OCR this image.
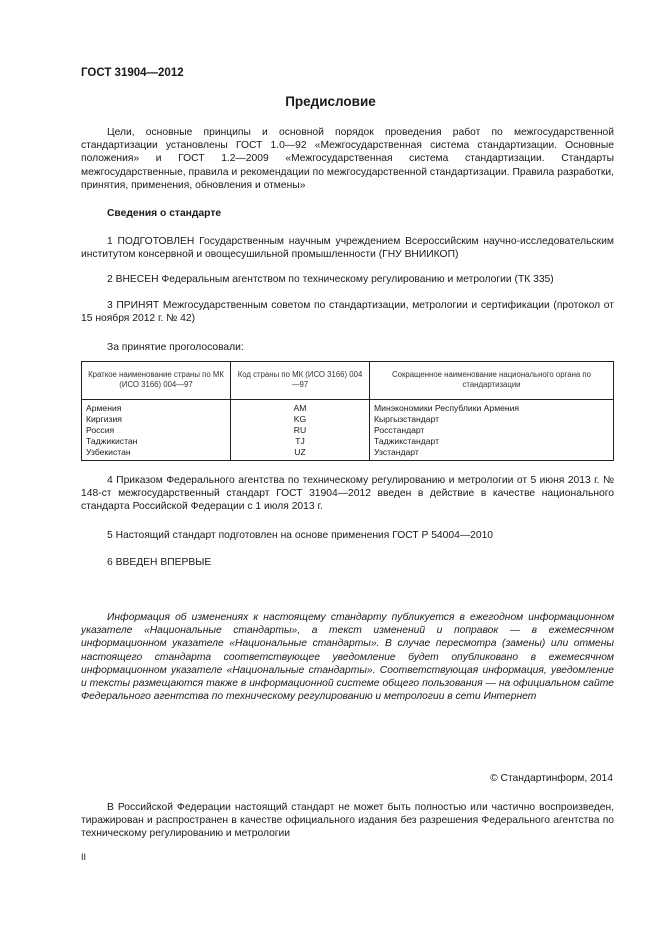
ГОСТ 31904—2012
Предисловие

Цели, основные принципы и основной порядок проведения работ по межгосударственной стандартизации установлены ГОСТ 1.0—92 «Межгосударственная система стандартизации. Основные положения» и ГОСТ 1.2—2009 «Межгосударственная система стандартизации. Стандарты межгосударственные, правила и рекомендации по межгосударственной стандартизации. Правила разработки, принятия, применения, обновления и отмены»

Сведения о стандарте

1 ПОДГОТОВЛЕН Государственным научным учреждением Всероссийским научно-исследовательским институтом консервной и овощесушильной промышленности (ГНУ ВНИИКОП)

2 ВНЕСЕН Федеральным агентством по техническому регулированию и метрологии (ТК 335)

3 ПРИНЯТ Межгосударственным советом по стандартизации, метрологии и сертификации (протокол от 15 ноября 2012 г. № 42)

За принятие проголосовали:

Краткое наименование страны по МК (ИСО 3166) 004—97	Код страны по МК (ИСО 3166) 004—97	Сокращенное наименование национального органа по стандартизации
Армения	AM	Минэкономики Республики Армения
Киргизия	KG	Кыргызстандарт
Россия	RU	Росстандарт
Таджикистан	TJ	Таджикстандарт
Узбекистан	UZ	Узстандарт

4 Приказом Федерального агентства по техническому регулированию и метрологии от 5 июня 2013 г. № 148-ст межгосударственный стандарт ГОСТ 31904—2012 введен в действие в качестве национального стандарта Российской Федерации с 1 июля 2013 г.

5 Настоящий стандарт подготовлен на основе применения ГОСТ Р 54004—2010

6 ВВЕДЕН ВПЕРВЫЕ

Информация об изменениях к настоящему стандарту публикуется в ежегодном информационном указателе «Национальные стандарты», а текст изменений и поправок — в ежемесячном информационном указателе «Национальные стандарты». В случае пересмотра (замены) или отмены настоящего стандарта соответствующее уведомление будет опубликовано в ежемесячном информационном указателе «Национальные стандарты». Соответствующая информация, уведомление и тексты размещаются также в информационной системе общего пользования — на официальном сайте Федерального агентства по техническому регулированию и метрологии в сети Интернет

© Стандартинформ, 2014

В Российской Федерации настоящий стандарт не может быть полностью или частично воспроизведен, тиражирован и распространен в качестве официального издания без разрешения Федерального агентства по техническому регулированию и метрологии

II
